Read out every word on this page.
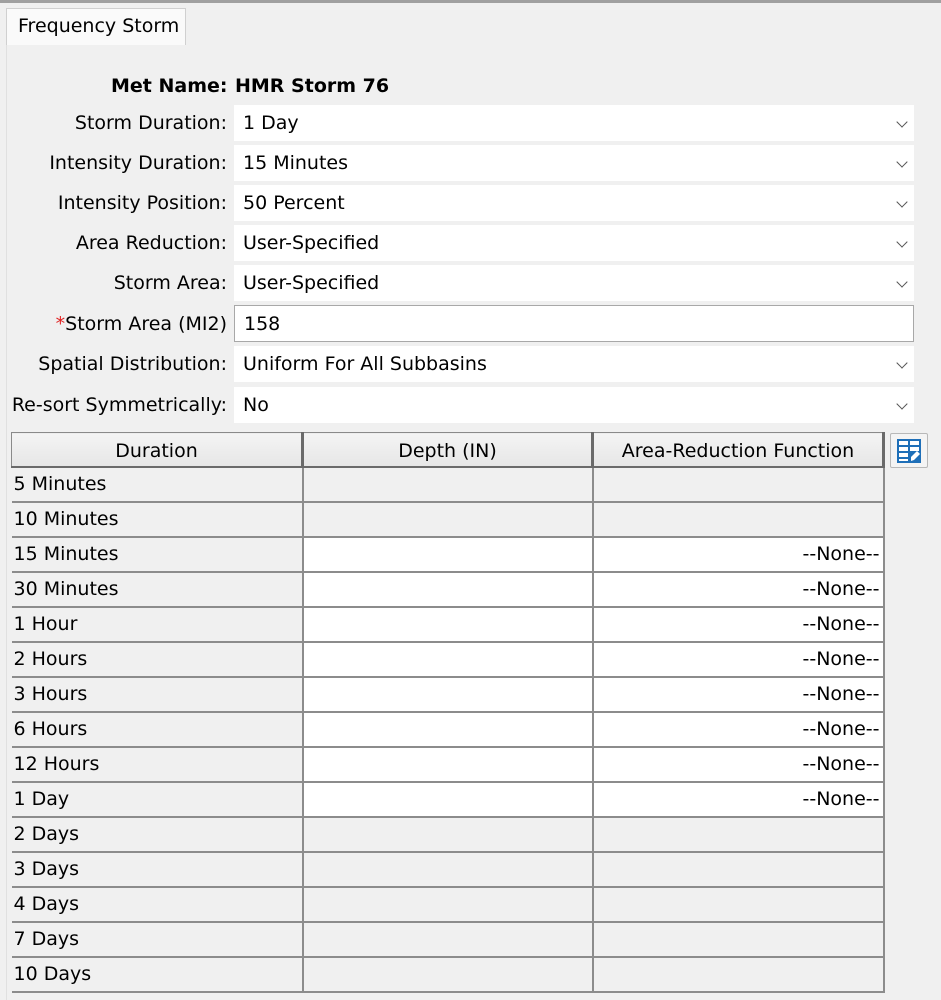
Frequency Storm
Met Name: HMR Storm 76
Storm Duration: 1 Day
Intensity Duration: 15 Minutes
Intensity Position: 50 Percent
Area Reduction: User-Specified
Storm Area: User-Specified
*Storm Area (MI2) 158
Spatial Distribution: Uniform For All Subbasins
Re-sort Symmetrically: No
Duration	Depth (IN)	Area-Reduction Function
5 Minutes		
10 Minutes		
15 Minutes		--None--
30 Minutes		--None--
1 Hour		--None--
2 Hours		--None--
3 Hours		--None--
6 Hours		--None--
12 Hours		--None--
1 Day		--None--
2 Days		
3 Days		
4 Days		
7 Days		
10 Days		
